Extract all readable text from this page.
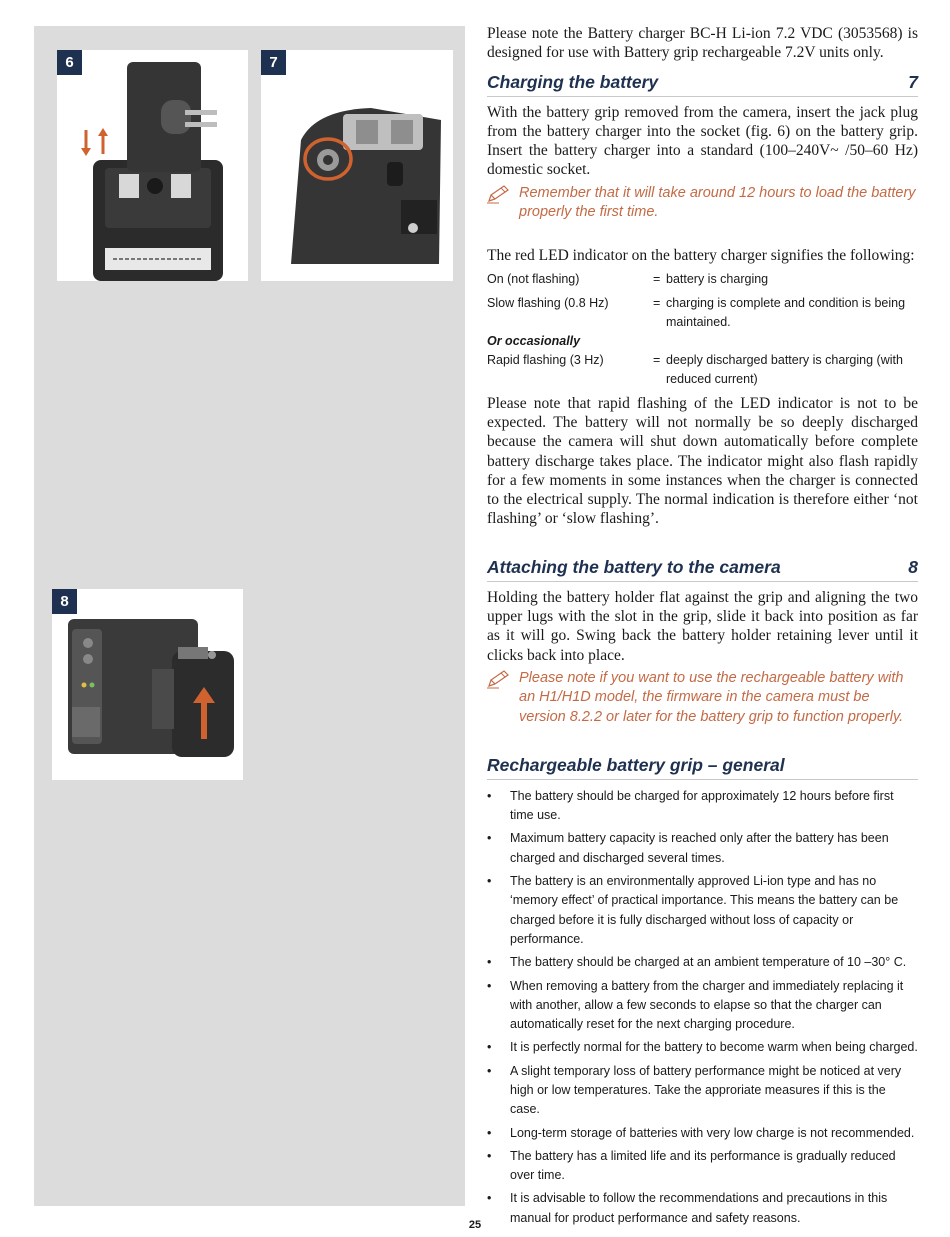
6	7
8

Please note the Battery charger BC-H Li-ion 7.2 VDC (3053568) is designed for use with Battery grip rechargeable 7.2V units only.

Charging the battery	7

With the battery grip removed from the camera, insert the jack plug from the battery charger into the socket (fig. 6) on the battery grip. Insert the battery charger into a standard (100–240V~ /50–60 Hz) domestic socket.

Remember that it will take around 12 hours to load the battery properly the first time.

The red LED indicator on the battery charger signifies the following:

On (not flashing)	= battery is charging
Slow flashing (0.8 Hz)	= charging is complete and condition is being maintained.
Or occasionally
Rapid flashing (3 Hz)	= deeply discharged battery is charging (with reduced current)

Please note that rapid flashing of the LED indicator is not to be expected. The battery will not normally be so deeply discharged because the camera will shut down automatically before complete battery discharge takes place. The indicator might also flash rapidly for a few moments in some instances when the charger is connected to the electrical supply. The normal indication is therefore either ‘not flashing’ or ‘slow flashing’.

Attaching the battery to the camera	8

Holding the battery holder flat against the grip and aligning the two upper lugs with the slot in the grip, slide it back into position as far as it will go. Swing back the battery holder retaining lever until it clicks back into place.

Please note if you want to use the rechargeable battery with an H1/H1D model, the firmware in the camera must be version 8.2.2 or later for the battery grip to function properly.
Rechargeable battery grip – general
•	The battery should be charged for approximately 12 hours before first time use.
•	Maximum battery capacity is reached only after the battery has been charged and discharged several times.
•	The battery is an environmentally approved Li-ion type and has no ‘memory effect’ of practical importance. This means the battery can be charged before it is fully discharged without loss of capacity or performance.
•	The battery should be charged at an ambient temperature of 10 –30° C.
•	When removing a battery from the charger and immediately replacing it with another, allow a few seconds to elapse so that the charger can automatically reset for the next charging procedure.
•	It is perfectly normal for the battery to become warm when being charged.
•	A slight temporary loss of battery performance might be noticed at very high or low temperatures. Take the approriate measures if this is the case.
•	Long-term storage of batteries with very low charge is not recommended.
•	The battery has a limited life and its performance is gradually reduced over time.
•	It is advisable to follow the recommendations and precautions in this manual for product performance and safety reasons.
25
